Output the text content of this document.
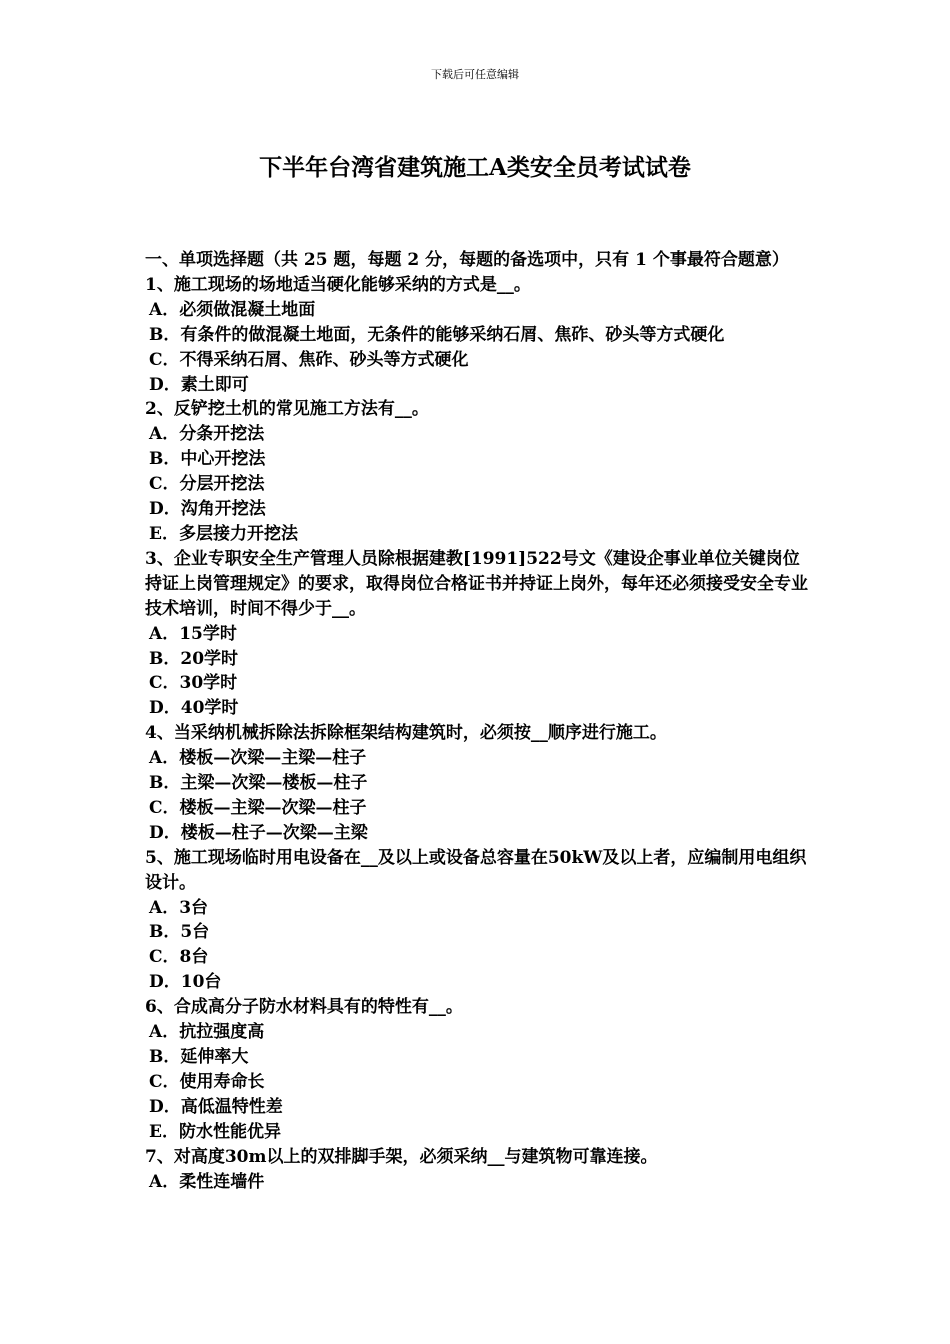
下载后可任意编辑
下半年台湾省建筑施工A类安全员考试试卷

一、单项选择题（共 25 题，每题 2 分，每题的备选项中，只有 1 个事最符合题意）

1、施工现场的场地适当硬化能够采纳的方式是__。

A．必须做混凝土地面

B．有条件的做混凝土地面，无条件的能够采纳石屑、焦砟、砂头等方式硬化

C．不得采纳石屑、焦砟、砂头等方式硬化

D．素土即可

2、反铲挖土机的常见施工方法有__。

A．分条开挖法

B．中心开挖法

C．分层开挖法

D．沟角开挖法

E．多层接力开挖法

3、企业专职安全生产管理人员除根据建教[1991]522号文《建设企事业单位关键岗位持证上岗管理规定》的要求，取得岗位合格证书并持证上岗外，每年还必须接受安全专业技术培训，时间不得少于__。

A．15学时

B．20学时

C．30学时

D．40学时

4、当采纳机械拆除法拆除框架结构建筑时，必须按__顺序进行施工。

A．楼板—次梁—主梁—柱子

B．主梁—次梁—楼板—柱子

C．楼板—主梁—次梁—柱子

D．楼板—柱子—次梁—主梁

5、施工现场临时用电设备在__及以上或设备总容量在50kW及以上者，应编制用电组织设计。

A．3台

B．5台

C．8台

D．10台

6、合成高分子防水材料具有的特性有__。

A．抗拉强度高

B．延伸率大

C．使用寿命长

D．高低温特性差

E．防水性能优异

7、对高度30m以上的双排脚手架，必须采纳__与建筑物可靠连接。

A．柔性连墙件
